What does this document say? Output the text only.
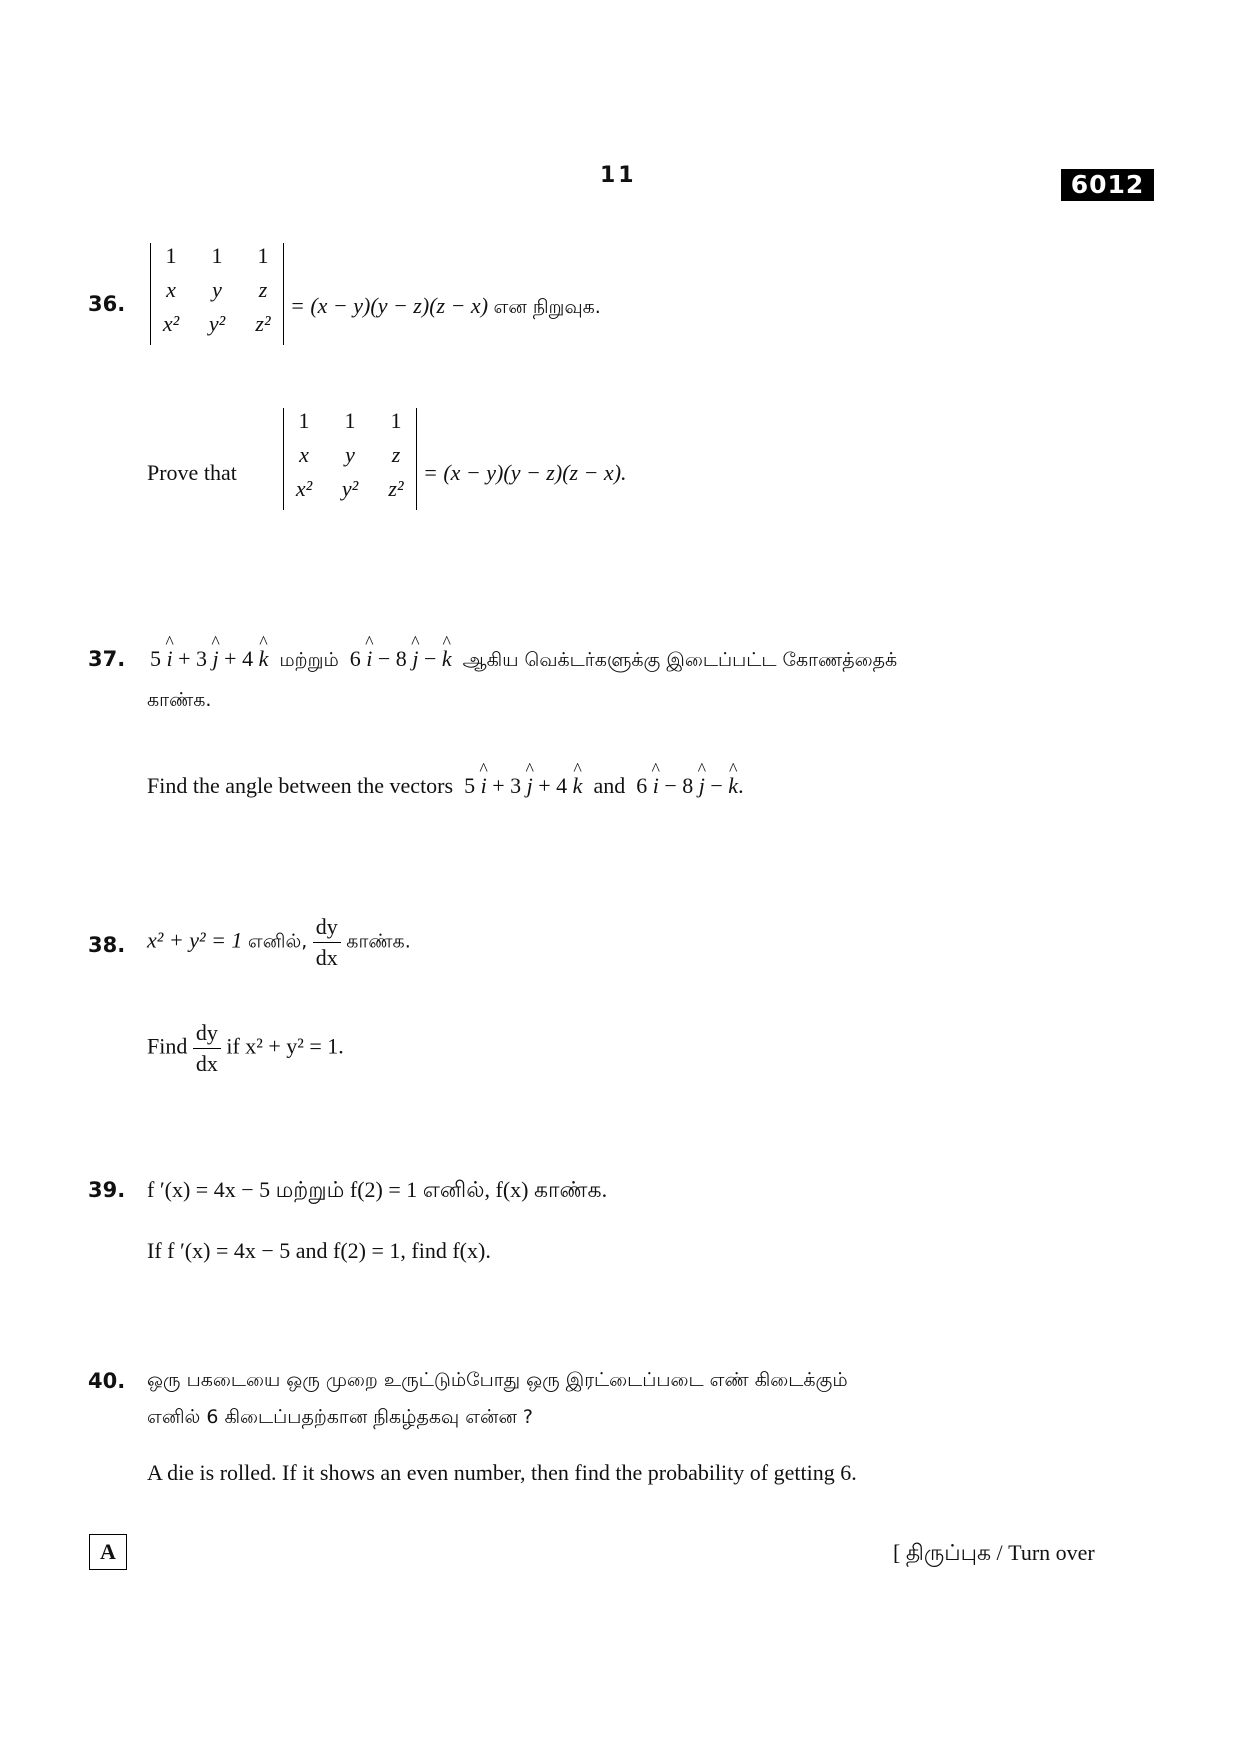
11	6012
36.
1	1	1
x	y	z
x²	y²	z²
= (x − y)(y − z)(z − x) என நிறுவுக.
Prove that
1	1	1
x	y	z
x²	y²	z²
= (x − y)(y − z)(z − x).
37. 5 ^ i + 3 ^ j + 4 ^ k மற்றும் 6 ^ i − 8 ^ j − ^ k ஆகிய வெக்டர்களுக்கு இடைப்பட்ட கோணத்தைக்
காண்க.
Find the angle between the vectors 5 ^ i + 3 ^ j + 4 ^ k and 6 ^ i − 8 ^ j − ^ k.
38. x² + y² = 1 எனில், $\frac{dy}{dx}$ காண்க.
Find $\frac{dy}{dx}$ if x² + y² = 1.
39. f ′(x) = 4x − 5 மற்றும் f(2) = 1 எனில், f(x) காண்க.
If f ′(x) = 4x − 5 and f(2) = 1, find f(x).
40. ஒரு பகடையை ஒரு முறை உருட்டும்போது ஒரு இரட்டைப்படை எண் கிடைக்கும்
எனில் 6 கிடைப்பதற்கான நிகழ்தகவு என்ன ?
A die is rolled. If it shows an even number, then find the probability of getting 6.
A	[ திருப்புக / Turn over
